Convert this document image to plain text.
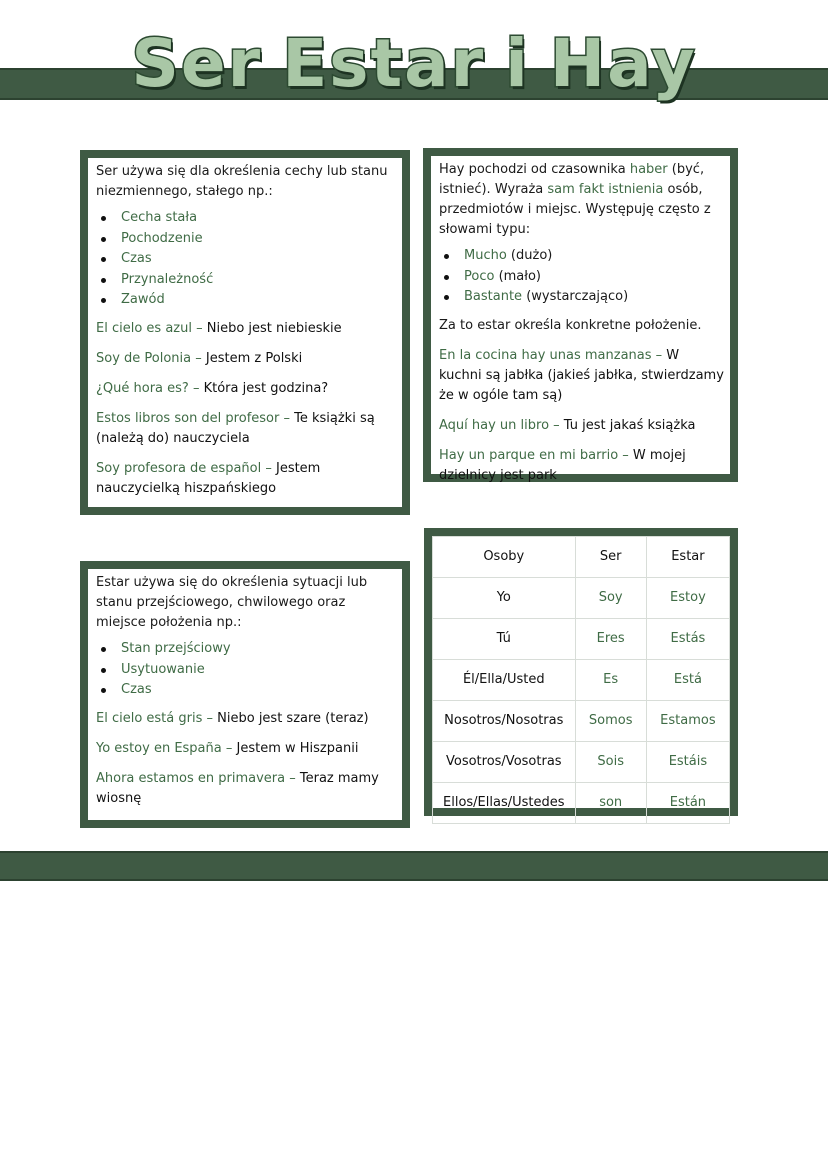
Ser Estar i Hay

Ser używa się dla określenia cechy lub stanu niezmiennego, stałego np.:

Cecha stała
Pochodzenie
Czas
Przynależność
Zawód

El cielo es azul – Niebo jest niebieskie

Soy de Polonia – Jestem z Polski

¿Qué hora es? – Która jest godzina?

Estos libros son del profesor – Te książki są (należą do) nauczyciela

Soy profesora de español – Jestem nauczycielką hiszpańskiego

Hay pochodzi od czasownika haber (być, istnieć). Wyraża sam fakt istnienia osób, przedmiotów i miejsc. Występuję często z słowami typu:

Mucho (dużo)
Poco (mało)
Bastante (wystarczająco)

Za to estar określa konkretne położenie.

En la cocina hay unas manzanas – W kuchni są jabłka (jakieś jabłka, stwierdzamy że w ogóle tam są)

Aquí hay un libro – Tu jest jakaś książka

Hay un parque en mi barrio – W mojej dzielnicy jest park

Estar używa się do określenia sytuacji lub stanu przejściowego, chwilowego oraz miejsce położenia np.:

Stan przejściowy
Usytuowanie
Czas

El cielo está gris – Niebo jest szare (teraz)

Yo estoy en España – Jestem w Hiszpanii

Ahora estamos en primavera – Teraz mamy wiosnę

Osoby	Ser	Estar
Yo	Soy	Estoy
Tú	Eres	Estás
Él/Ella/Usted	Es	Está
Nosotros/Nosotras	Somos	Estamos
Vosotros/Vosotras	Sois	Estáis
Ellos/Ellas/Ustedes	son	Están
